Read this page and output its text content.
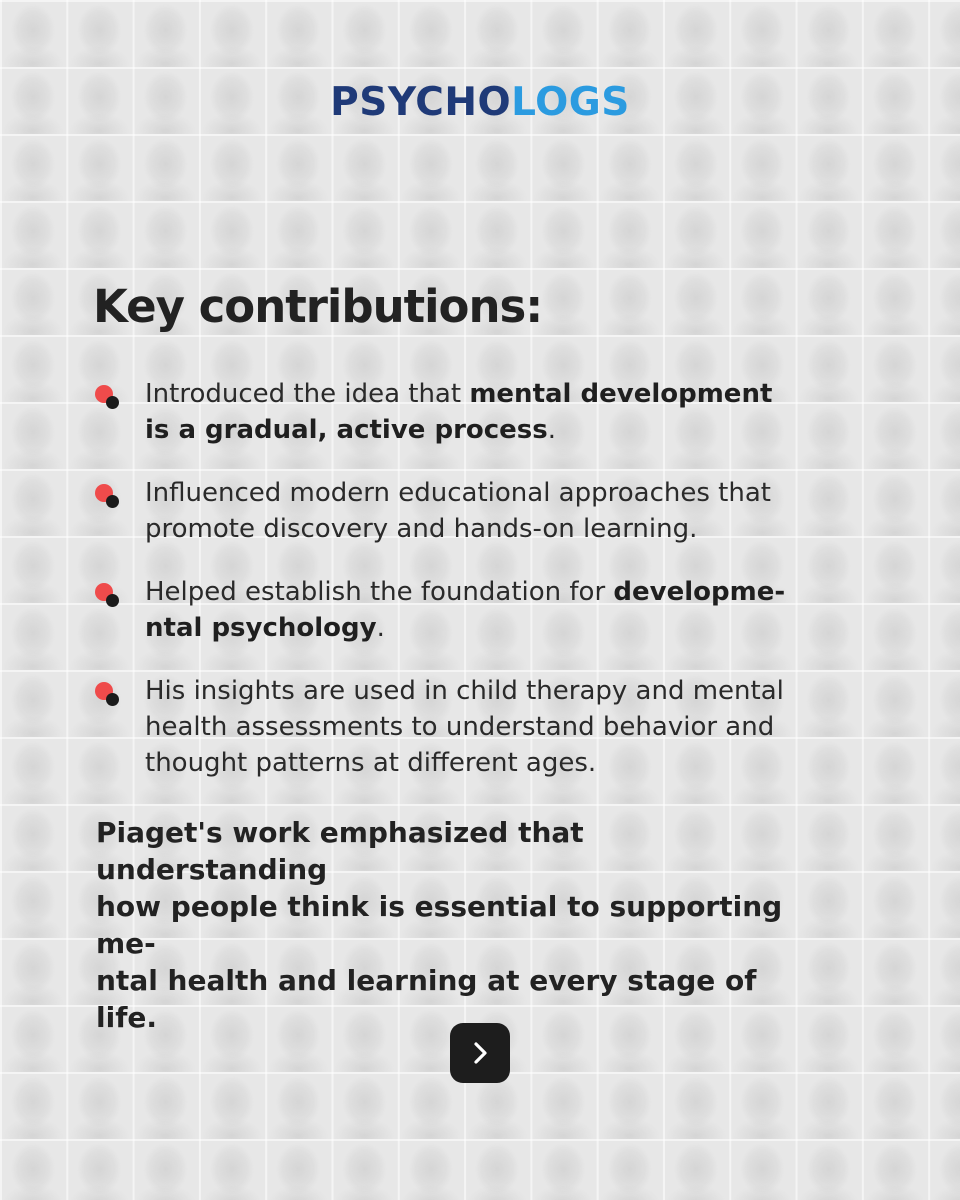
PSYCHOLOGS
Key contributions:
Introduced the idea that mental development
is a gradual, active process.
Influenced modern educational approaches that
promote discovery and hands-on learning.
Helped establish the foundation for developme-
ntal psychology.
His insights are used in child therapy and mental
health assessments to understand behavior and
thought patterns at different ages.

Piaget's work emphasized that understanding
how people think is essential to supporting me-
ntal health and learning at every stage of life.
